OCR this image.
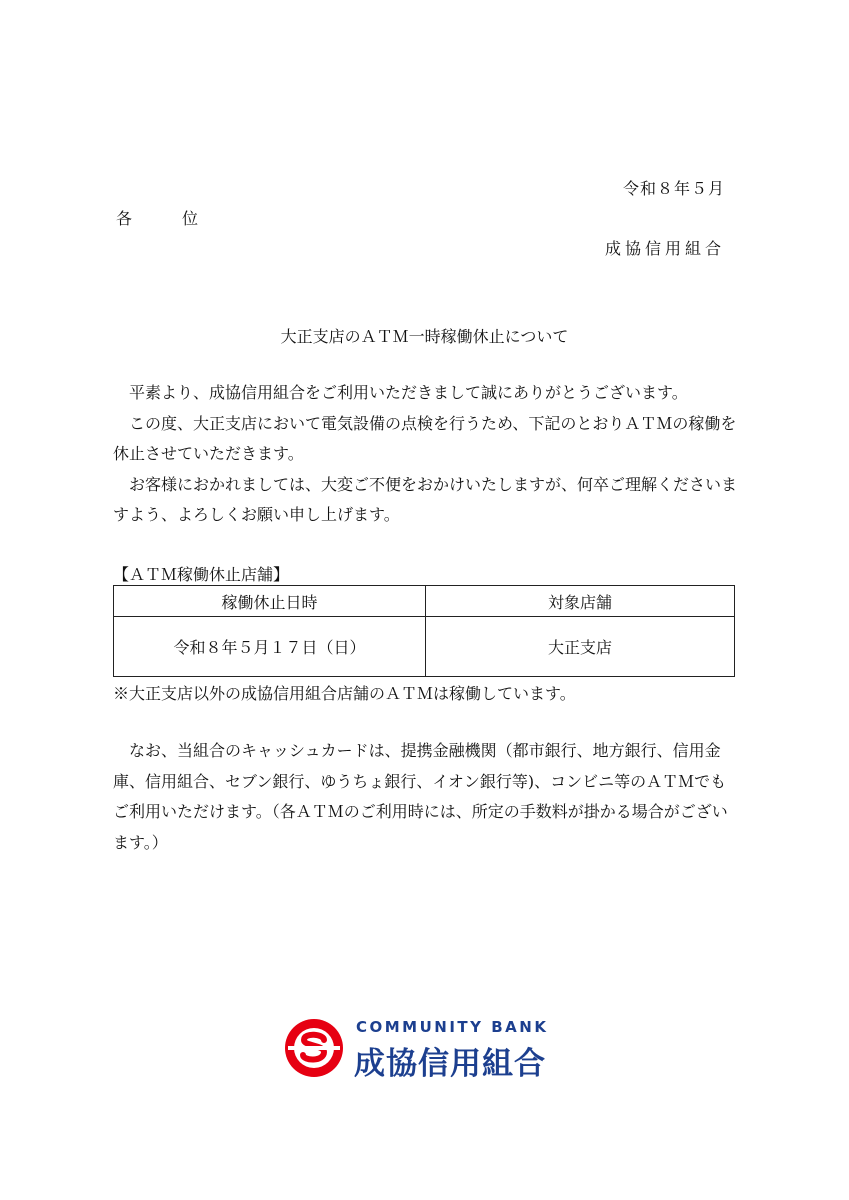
令和８年５月
各	位
成協信用組合
大正支店のＡＴＭ一時稼働休止について

平素より、成協信用組合をご利用いただきまして誠にありがとうございます。

この度、大正支店において電気設備の点検を行うため、下記のとおりＡＴＭの稼働を休止させていただきます。

お客様におかれましては、大変ご不便をおかけいたしますが、何卒ご理解くださいますよう、よろしくお願い申し上げます。

【ＡＴＭ稼働休止店舗】
稼働休止日時	対象店舗
令和８年５月１７日（日）	大正支店
※大正支店以外の成協信用組合店舗のＡＴＭは稼働しています。

なお、当組合のキャッシュカードは、提携金融機関（都市銀行、地方銀行、信用金庫、信用組合、セブン銀行、ゆうちょ銀行、イオン銀行等)、コンビニ等のＡＴＭでもご利用いただけます。（各ＡＴＭのご利用時には、所定の手数料が掛かる場合がございます。）

COMMUNITY BANK
成協信用組合
